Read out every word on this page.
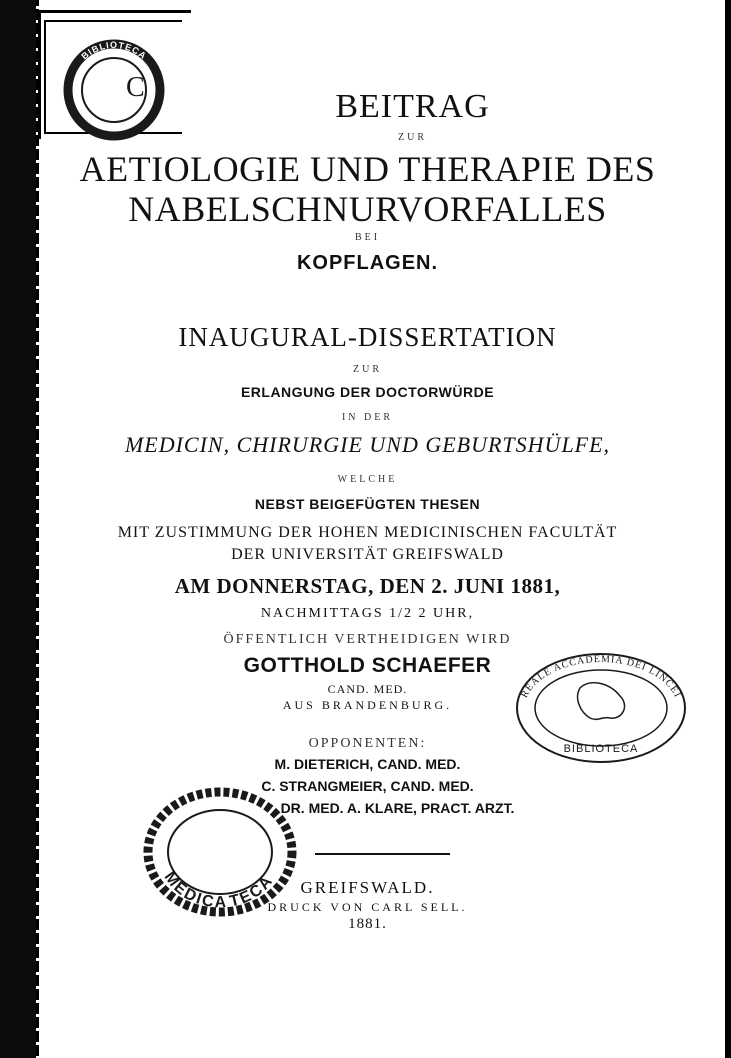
BIBLIOTECA
C
REALE ACCADEMIA DEI LINCEI
BIBLIOTECA
MEDICA TECA

BEITRAG

ZUR

AETIOLOGIE UND THERAPIE DES

NABELSCHNURVORFALLES

BEI

KOPFLAGEN.

INAUGURAL-DISSERTATION

ZUR

ERLANGUNG DER DOCTORWÜRDE

IN DER

MEDICIN, CHIRURGIE UND GEBURTSHÜLFE,

WELCHE

NEBST BEIGEFÜGTEN THESEN

MIT ZUSTIMMUNG DER HOHEN MEDICINISCHEN FACULTÄT

DER UNIVERSITÄT GREIFSWALD

AM DONNERSTAG, DEN 2. JUNI 1881,

NACHMITTAGS 1/2 2 UHR,

ÖFFENTLICH VERTHEIDIGEN WIRD

GOTTHOLD SCHAEFER

CAND. MED.

AUS BRANDENBURG.

OPPONENTEN:

M. DIETERICH, CAND. MED.

C. STRANGMEIER, CAND. MED.

DR. MED. A. KLARE, PRACT. ARZT.

GREIFSWALD.

DRUCK VON CARL SELL.

1881.
